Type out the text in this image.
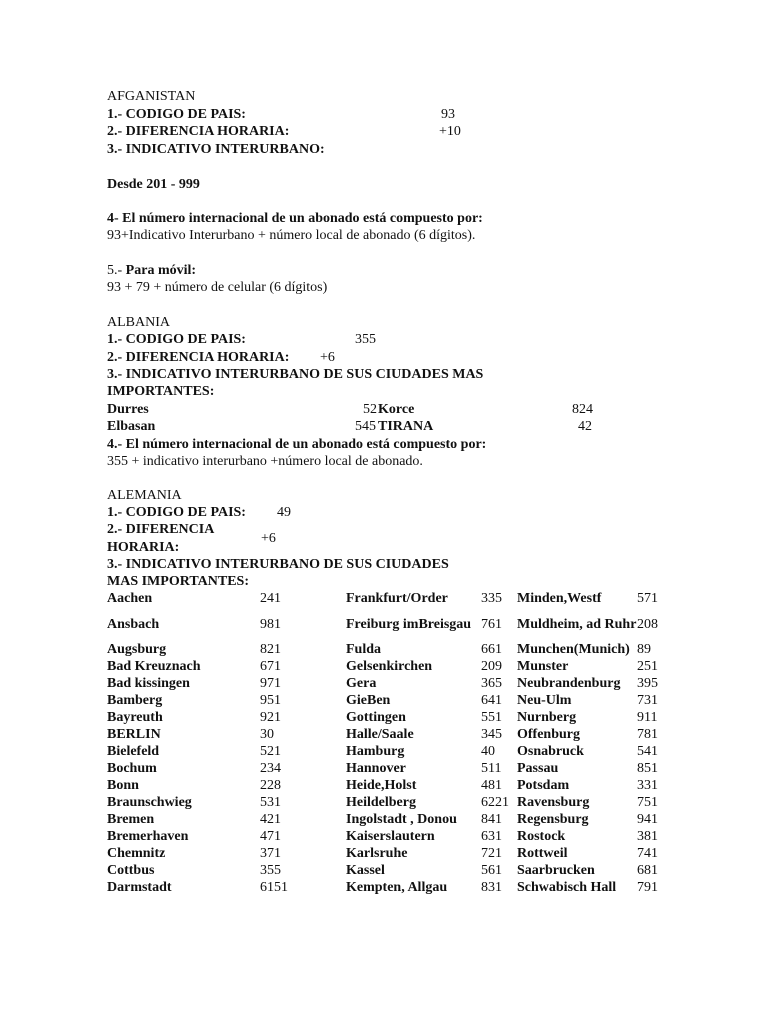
AFGANISTAN
1.- CODIGO DE PAIS:	93
2.- DIFERENCIA HORARIA:	+10
3.- INDICATIVO INTERURBANO:
Desde 201 - 999
4- El número internacional de un abonado está compuesto por:
93+Indicativo Interurbano + número local de abonado (6 dígitos).
5.- Para móvil:
93 + 79 + número de celular (6 dígitos)
ALBANIA
1.- CODIGO DE PAIS:	355
2.- DIFERENCIA HORARIA: +6
3.- INDICATIVO INTERURBANO DE SUS CIUDADES MAS
IMPORTANTES:
Durres	52 Korce	824
Elbasan	545 TIRANA	42
4.- El número internacional de un abonado está compuesto por:
355 + indicativo interurbano +número local de abonado.
ALEMANIA
1.- CODIGO DE PAIS: 49
2.- DIFERENCIA
HORARIA:
+6
3.- INDICATIVO INTERURBANO DE SUS CIUDADES
MAS IMPORTANTES:
Aachen	241	Frankfurt/Order	335	Minden,Westf	571
Ansbach	981	Freiburg imBreisgau	761	Muldheim, ad Ruhr	208
Augsburg	821	Fulda	661	Munchen(Munich)	89
Bad Kreuznach	671	Gelsenkirchen	209	Munster	251
Bad kissingen	971	Gera	365	Neubrandenburg	395
Bamberg	951	GieBen	641	Neu-Ulm	731
Bayreuth	921	Gottingen	551	Nurnberg	911
BERLIN	30	Halle/Saale	345	Offenburg	781
Bielefeld	521	Hamburg	40	Osnabruck	541
Bochum	234	Hannover	511	Passau	851
Bonn	228	Heide,Holst	481	Potsdam	331
Braunschwieg	531	Heildelberg	6221	Ravensburg	751
Bremen	421	Ingolstadt , Donou	841	Regensburg	941
Bremerhaven	471	Kaiserslautern	631	Rostock	381
Chemnitz	371	Karlsruhe	721	Rottweil	741
Cottbus	355	Kassel	561	Saarbrucken	681
Darmstadt	6151	Kempten, Allgau	831	Schwabisch Hall	791
